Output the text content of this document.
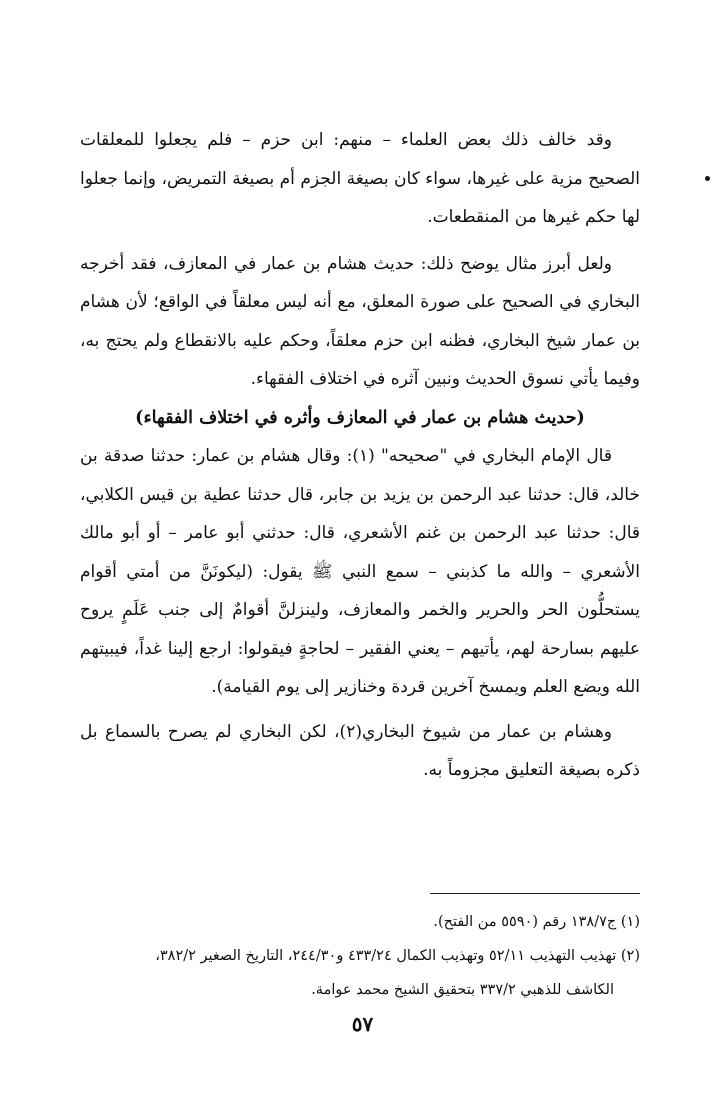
وقد خالف ذلك بعض العلماء – منهم: ابن حزم – فلم يجعلوا للمعلقات الصحيح مزية على غيرها، سواء كان بصيغة الجزم أم بصيغة التمريض، وإنما جعلوا لها حكم غيرها من المنقطعات.

ولعل أبرز مثال يوضح ذلك: حديث هشام بن عمار في المعازف، فقد أخرجه البخاري في الصحيح على صورة المعلق، مع أنه ليس معلقاً في الواقع؛ لأن هشام بن عمار شيخ البخاري، فظنه ابن حزم معلقاً، وحكم عليه بالانقطاع ولم يحتج به، وفيما يأتي نسوق الحديث ونبين آثره في اختلاف الفقهاء.

(حديث هشام بن عمار في المعازف وأثره في اختلاف الفقهاء)

قال الإمام البخاري في "صحيحه" (١): وقال هشام بن عمار: حدثنا صدقة بن خالد، قال: حدثنا عبد الرحمن بن يزيد بن جابر، قال حدثنا عطية بن قيس الكلابي، قال: حدثنا عبد الرحمن بن غنم الأشعري، قال: حدثني أبو عامر – أو أبو مالك الأشعري – والله ما كذبني – سمع النبي ﷺ يقول: (ليكونَنَّ من أمتي أقوام يستحلُّون الحر والحرير والخمر والمعازف، ولينزلنَّ أقوامٌ إلى جنب عَلَمٍ يروح عليهم بسارحة لهم، يأتيهم – يعني الفقير – لحاجةٍ فيقولوا: ارجع إلينا غداً، فيبيتهم الله ويضع العلم ويمسخ آخرين قردة وخنازير إلى يوم القيامة).

وهشام بن عمار من شيوخ البخاري(٢)، لكن البخاري لم يصرح بالسماع بل ذكره بصيغة التعليق مجزوماً به.

(١) ج١٣٨/٧ رقم (٥٥٩٠ من الفتح).

(٢) تهذيب التهذيب ٥٢/١١ وتهذيب الكمال ٤٣٣/٢٤ و٢٤٤/٣٠، التاريخ الصغير ٣٨٢/٢،

الكاشف للذهبي ٣٣٧/٢ بتحقيق الشيخ محمد عوامة.

٥٧
